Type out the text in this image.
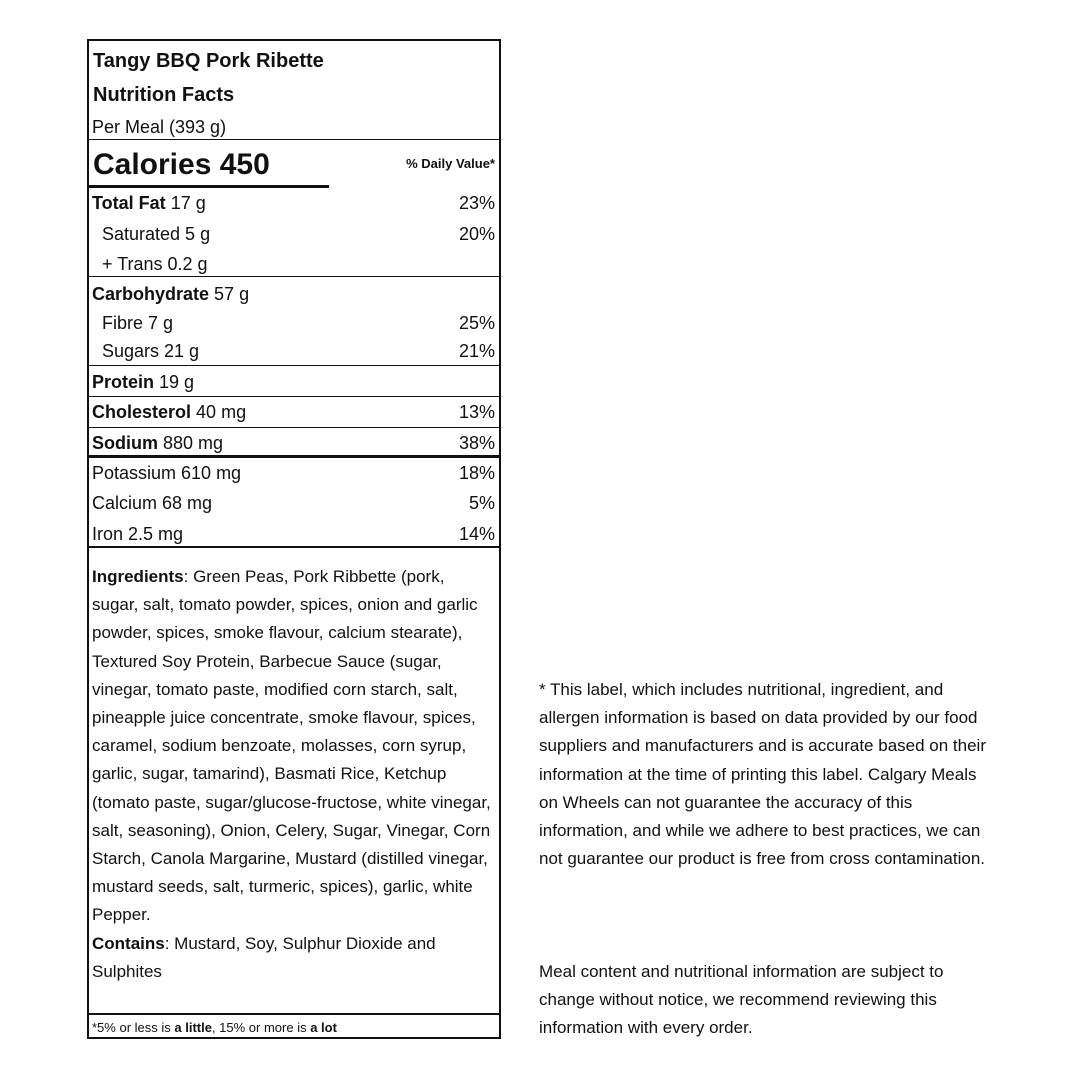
Tangy BBQ Pork Ribette
Nutrition Facts
Per Meal (393 g)
Calories 450	% Daily Value*
Total Fat 17 g	23%
Saturated 5 g	20%
+ Trans 0.2 g
Carbohydrate 57 g
Fibre 7 g	25%
Sugars 21 g	21%
Protein 19 g
Cholesterol 40 mg	13%
Sodium 880 mg	38%
Potassium 610 mg	18%
Calcium 68 mg	5%
Iron 2.5 mg	14%
Ingredients: Green Peas, Pork Ribbette (pork, sugar, salt, tomato powder, spices, onion and garlic powder, spices, smoke flavour, calcium stearate), Textured Soy Protein, Barbecue Sauce (sugar, vinegar, tomato paste, modified corn starch, salt, pineapple juice concentrate, smoke flavour, spices, caramel, sodium benzoate, molasses, corn syrup, garlic, sugar, tamarind), Basmati Rice, Ketchup (tomato paste, sugar/glucose-fructose, white vinegar, salt, seasoning), Onion, Celery, Sugar, Vinegar, Corn Starch, Canola Margarine, Mustard (distilled vinegar, mustard seeds, salt, turmeric, spices), garlic, white Pepper.
Contains: Mustard, Soy, Sulphur Dioxide and Sulphites
*5% or less is a little, 15% or more is a lot

* This label, which includes nutritional, ingredient, and allergen information is based on data provided by our food suppliers and manufacturers and is accurate based on their information at the time of printing this label. Calgary Meals on Wheels can not guarantee the accuracy of this information, and while we adhere to best practices, we can not guarantee our product is free from cross contamination.

Meal content and nutritional information are subject to change without notice, we recommend reviewing this information with every order.
